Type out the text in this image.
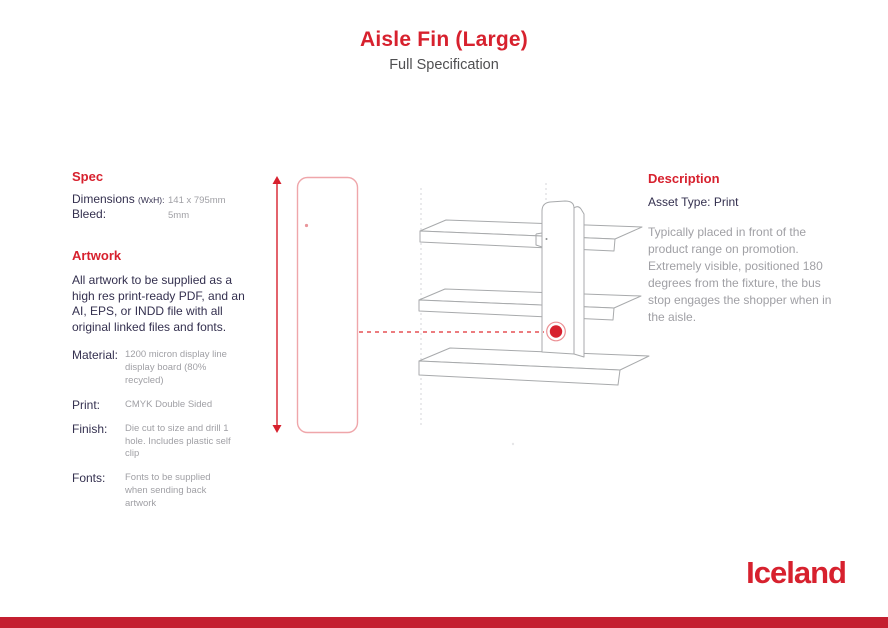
Aisle Fin (Large)
Full Specification
Spec
Dimensions (WxH): 141 x 795mm
Bleed:	5mm
Artwork
All artwork to be supplied as a high res print-ready PDF, and an AI, EPS, or INDD file with all original linked files and fonts.
Material: 1200 micron display line display board (80% recycled)
Print:	CMYK Double Sided
Finish:	Die cut to size and drill 1 hole. Includes plastic self clip
Fonts:	Fonts to be supplied when sending back artwork
Description
Asset Type: Print
Typically placed in front of the product range on promotion. Extremely visible, positioned 180 degrees from the fixture, the bus stop engages the shopper when in the aisle.
Iceland
